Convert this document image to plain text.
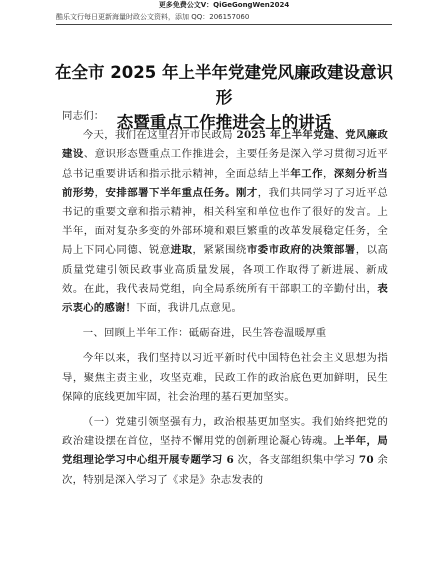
更多免费公文V：QiGeGongWen2024
酷乐文行每日更新海量时政公文资料，添加 QQ：206157060
在全市 2025 年上半年党建党风廉政建设意识形
态暨重点工作推进会上的讲话

同志们：

今天，我们在这里召开市民政局 2025 年上半年党建、党风廉政建设、意识形态暨重点工作推进会，主要任务是深入学习贯彻习近平总书记重要讲话和指示批示精神，全面总结上半年工作，深刻分析当前形势，安排部署下半年重点任务。刚才，我们共同学习了习近平总书记的重要文章和指示精神，相关科室和单位也作了很好的发言。上半年，面对复杂多变的外部环境和艰巨繁重的改革发展稳定任务，全局上下同心同德、锐意进取，紧紧围绕市委市政府的决策部署，以高质量党建引领民政事业高质量发展，各项工作取得了新进展、新成效。在此，我代表局党组，向全局系统所有干部职工的辛勤付出，表示衷心的感谢！下面，我讲几点意见。

一、回顾上半年工作：砥砺奋进，民生答卷温暖厚重

今年以来，我们坚持以习近平新时代中国特色社会主义思想为指导，聚焦主责主业，攻坚克难，民政工作的政治底色更加鲜明，民生保障的底线更加牢固，社会治理的基石更加坚实。

（一）党建引领坚强有力，政治根基更加坚实。我们始终把党的政治建设摆在首位，坚持不懈用党的创新理论凝心铸魂。上半年，局党组理论学习中心组开展专题学习 6 次，各支部组织集中学习 70 余次，特别是深入学习了《求是》杂志发表的
